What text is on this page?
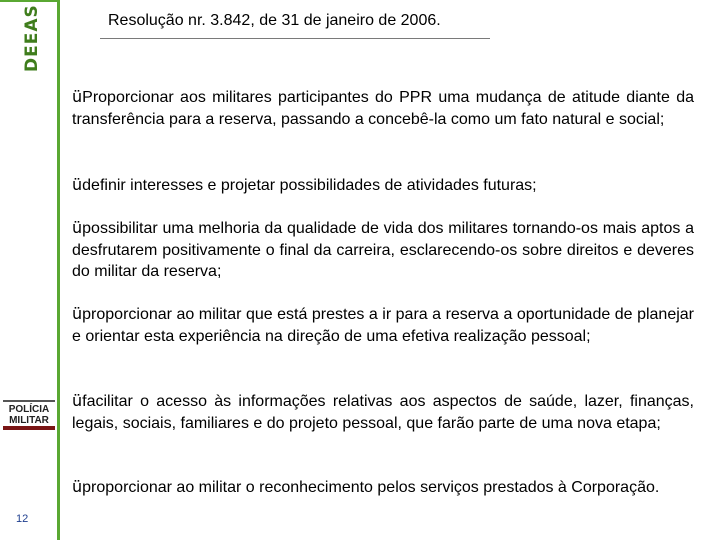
DEEAS
POLÍCIA
MILITAR
12
Resolução nr. 3.842, de 31 de janeiro de 2006.

üProporcionar aos militares participantes do PPR uma mudança de atitude diante da transferência para a reserva, passando a concebê-la como um fato natural e social;

üdefinir interesses e projetar possibilidades de atividades futuras;

üpossibilitar uma melhoria da qualidade de vida dos militares tornando-os mais aptos a desfrutarem positivamente o final da carreira, esclarecendo-os sobre direitos e deveres do militar da reserva;

üproporcionar ao militar que está prestes a ir para a reserva a oportunidade de planejar e orientar esta experiência na direção de uma efetiva realização pessoal;

üfacilitar o acesso às informações relativas aos aspectos de saúde, lazer, finanças, legais, sociais, familiares e do projeto pessoal, que farão parte de uma nova etapa;

üproporcionar ao militar o reconhecimento pelos serviços prestados à Corporação.
